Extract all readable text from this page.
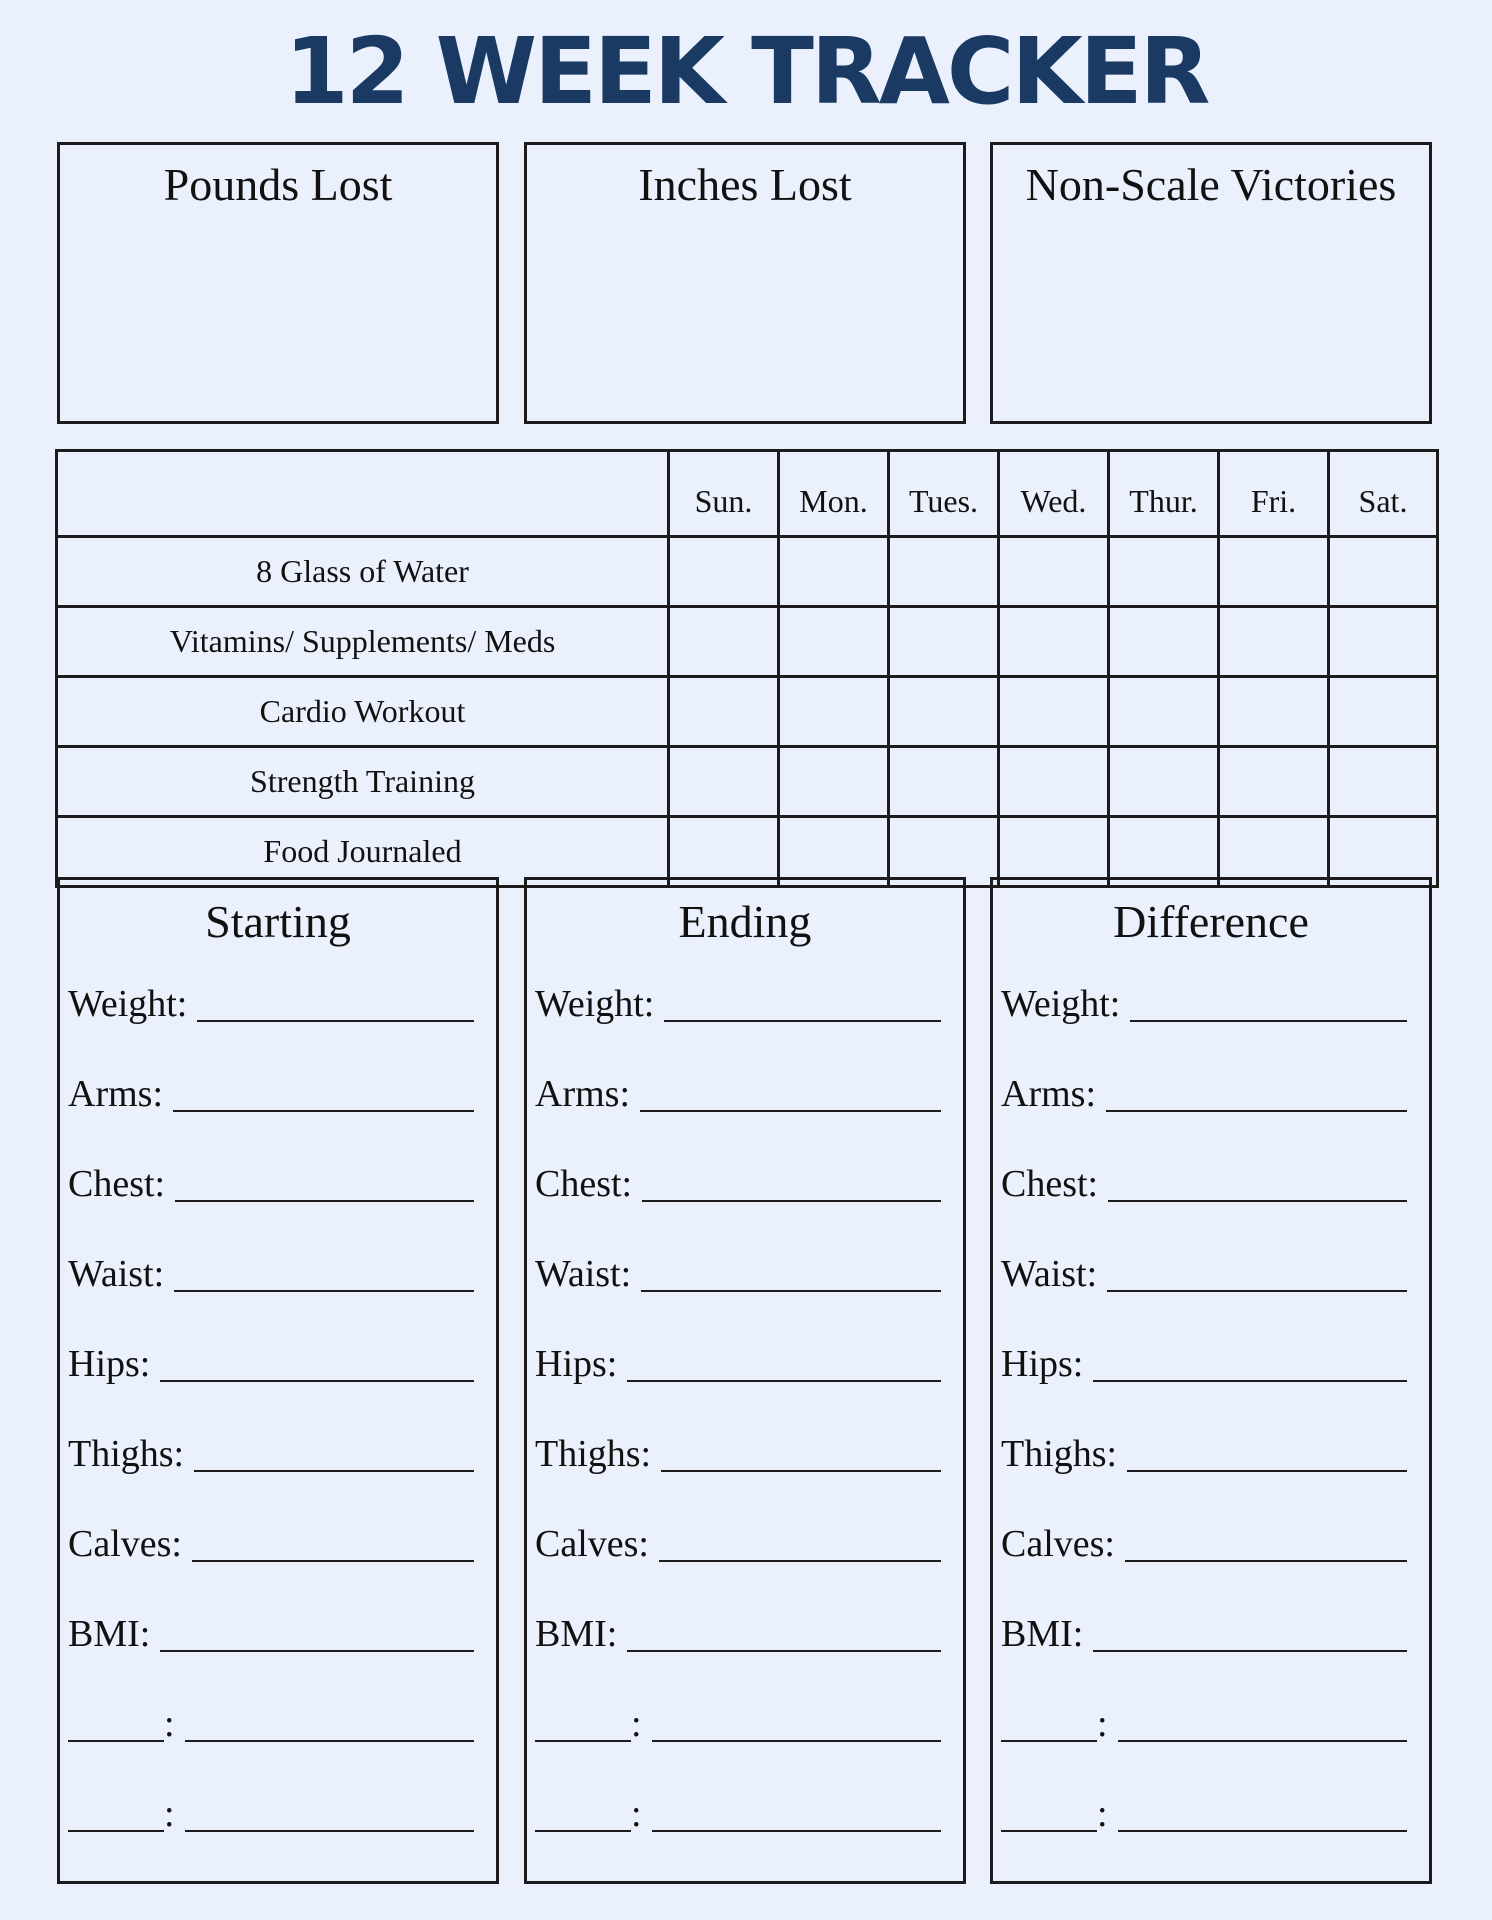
12 WEEK TRACKER
Pounds Lost	Inches Lost	Non-Scale Victories
	Sun.	Mon.	Tues.	Wed.	Thur.	Fri.	Sat.
8 Glass of Water							
Vitamins/ Supplements/ Meds							
Cardio Workout							
Strength Training							
Food Journaled							
Starting
Weight:
Arms:
Chest:
Waist:
Hips:
Thighs:
Calves:
BMI:
:
:
Ending
Weight:
Arms:
Chest:
Waist:
Hips:
Thighs:
Calves:
BMI:
:
:
Difference
Weight:
Arms:
Chest:
Waist:
Hips:
Thighs:
Calves:
BMI:
:
:
